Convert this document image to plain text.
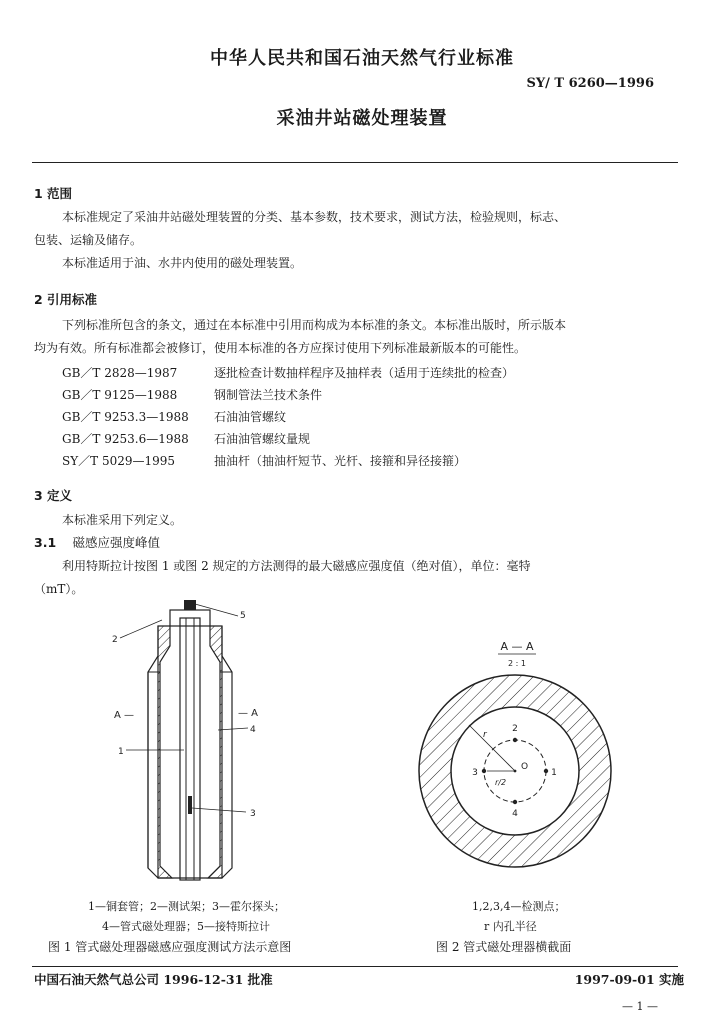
中华人民共和国石油天然气行业标准
SY/ T 6260—1996
采油井站磁处理装置
1 范围
本标准规定了采油井站磁处理装置的分类、基本参数，技术要求，测试方法，检验规则，标志、
包装、运输及储存。
本标准适用于油、水井内使用的磁处理装置。
2 引用标准
下列标准所包含的条文，通过在本标准中引用而构成为本标准的条文。本标准出版时，所示版本
均为有效。所有标准都会被修订，使用本标准的各方应探讨使用下列标准最新版本的可能性。
GB／T 2828—1987	逐批检查计数抽样程序及抽样表（适用于连续批的检查）
GB／T 9125—1988	钢制管法兰技术条件
GB／T 9253.3—1988 石油油管螺纹
GB／T 9253.6—1988 石油油管螺纹量规
SY／T 5029—1995	抽油杆（抽油杆短节、光杆、接箍和异径接箍）
3 定义
本标准采用下列定义。
3.1 磁感应强度峰值
利用特斯拉计按图 1 或图 2 规定的方法测得的最大磁感应强度值（绝对值），单位：毫特
（mT）。
2
5
1
3
4
A —	— A
1—铜套管；2—测试架；3—霍尔探头；
4—管式磁处理器；5—接特斯拉计
图 1 管式磁处理器磁感应强度测试方法示意图
A — A
2 : 1
2
1
3
4
O
r
r/2
1,2,3,4—检测点；
r 内孔半径
图 2 管式磁处理器横截面
中国石油天然气总公司 1996-12-31 批准	1997-09-01 实施
— 1 —
